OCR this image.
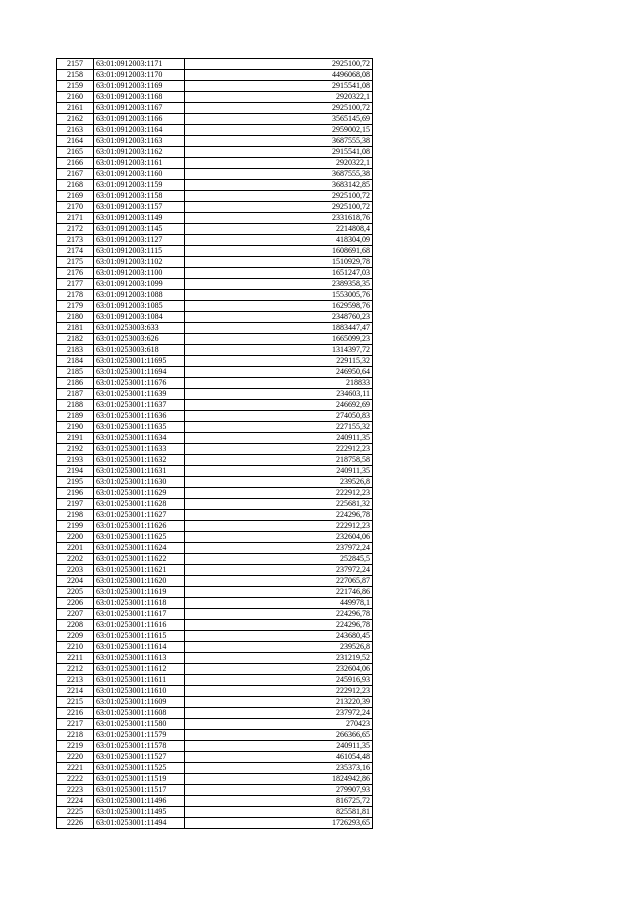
2157	63:01:0912003:1171	2925100,72
2158	63:01:0912003:1170	4496068,08
2159	63:01:0912003:1169	2915541,08
2160	63:01:0912003:1168	2920322,1
2161	63:01:0912003:1167	2925100,72
2162	63:01:0912003:1166	3565145,69
2163	63:01:0912003:1164	2959002,15
2164	63:01:0912003:1163	3687555,38
2165	63:01:0912003:1162	2915541,08
2166	63:01:0912003:1161	2920322,1
2167	63:01:0912003:1160	3687555,38
2168	63:01:0912003:1159	3683142,85
2169	63:01:0912003:1158	2925100,72
2170	63:01:0912003:1157	2925100,72
2171	63:01:0912003:1149	2331618,76
2172	63:01:0912003:1145	2214808,4
2173	63:01:0912003:1127	418304,09
2174	63:01:0912003:1115	1608691,68
2175	63:01:0912003:1102	1510929,78
2176	63:01:0912003:1100	1651247,03
2177	63:01:0912003:1099	2389358,35
2178	63:01:0912003:1088	1553005,76
2179	63:01:0912003:1085	1629598,76
2180	63:01:0912003:1084	2348760,23
2181	63:01:0253003:633	1883447,47
2182	63:01:0253003:626	1665099,23
2183	63:01:0253003:618	1314397,72
2184	63:01:0253001:11695	229115,32
2185	63:01:0253001:11694	246950,64
2186	63:01:0253001:11676	218833
2187	63:01:0253001:11639	234603,11
2188	63:01:0253001:11637	246692,69
2189	63:01:0253001:11636	274050,83
2190	63:01:0253001:11635	227155,32
2191	63:01:0253001:11634	240911,35
2192	63:01:0253001:11633	222912,23
2193	63:01:0253001:11632	218758,58
2194	63:01:0253001:11631	240911,35
2195	63:01:0253001:11630	239526,8
2196	63:01:0253001:11629	222912,23
2197	63:01:0253001:11628	225681,32
2198	63:01:0253001:11627	224296,78
2199	63:01:0253001:11626	222912,23
2200	63:01:0253001:11625	232604,06
2201	63:01:0253001:11624	237972,24
2202	63:01:0253001:11622	252845,5
2203	63:01:0253001:11621	237972,24
2204	63:01:0253001:11620	227065,87
2205	63:01:0253001:11619	221746,86
2206	63:01:0253001:11618	449978,1
2207	63:01:0253001:11617	224296,78
2208	63:01:0253001:11616	224296,78
2209	63:01:0253001:11615	243680,45
2210	63:01:0253001:11614	239526,8
2211	63:01:0253001:11613	231219,52
2212	63:01:0253001:11612	232604,06
2213	63:01:0253001:11611	245916,93
2214	63:01:0253001:11610	222912,23
2215	63:01:0253001:11609	213220,39
2216	63:01:0253001:11608	237972,24
2217	63:01:0253001:11580	270423
2218	63:01:0253001:11579	266366,65
2219	63:01:0253001:11578	240911,35
2220	63:01:0253001:11527	461054,48
2221	63:01:0253001:11525	235373,16
2222	63:01:0253001:11519	1824942,86
2223	63:01:0253001:11517	279907,93
2224	63:01:0253001:11496	816725,72
2225	63:01:0253001:11495	825581,81
2226	63:01:0253001:11494	1726293,65
